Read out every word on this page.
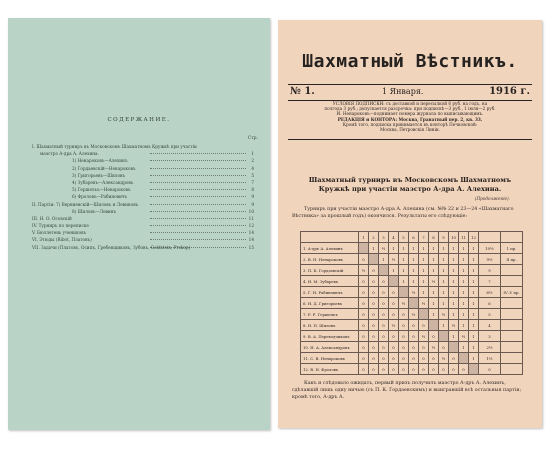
СОДЕРЖАНИЕ.
Стр.
I. Шахматный турниръ въ Московскомъ Шахматномъ Кружкѣ при участіи
маэстро А-дра А. Алехина.	1
1) Ненароковъ—Алехинъ	2
2) Гордаевскій—Ненароковъ	4
3) Григорьевъ—Шиловъ	5
4) Зубаревъ—Александровъ	7
5) Гершельъ—Ненароковъ	8
6) Фроловъ—Рабиновичъ	9
II. Партіи: 7) Верниевскій—Шиловъ и Левиновъ	9
8) Шиловъ—Левинъ	10
III. Н. О. Осовскій	11
IV. Турниръ по переписке	12
V. Бюллетень учениковъ	14
VI. Этюды (Ribot, Платовъ)	14
VII. Задачи (Платовъ, Осипъ, Гребенщиковъ, Зубовъ, Goldstein, Prokop)	15
Шахматный Вѣстникъ.
№ 1.	1 Января.	1916 г.
УСЛОВІЯ ПОДПИСКИ: съ доставкой и пересылкой 6 руб. на годъ, на
полгода 3 руб.; допускается разсрочка: при подпискѣ—3 руб., 1 іюля—2 руб.
И. Ненароковъ—поднимает номера журнала по выписывающимъ.
РЕДАКЦІЯ и КОНТОРА: Москва, Гранатный пер. 2, кв. 33.
Кромѣ того, подписка принимается въ конторѣ Печковской:
Москва, Петровскія Линіи.
Шахматный турниръ въ Московскомъ Шахматномъ
Кружкѣ при участіи маэстро А-дра А. Алехина.
(Продолженіе).
Турниръ при участіи маэстро А-дра А. Алехина (см. №№ 22 и 23—24 «Шахматнаго Вѣстника» за прошлый годъ) окончился. Результаты его слѣдующіе:
	1	2	3	4	5	6	7	8	9	10	11	12		
1. А-дръ А. Алехинъ		1	½	1	1	1	1	1	1	1	1	1	10½	1 пр.
2. В. Н. Ненароковъ	0		1	½	1	1	1	1	1	1	1	1	9½	II пр.
3. П. К. Гордаевскій	½	0		1	1	1	1	1	1	1	1	1	9	
4. Н. М. Зубаревъ	0	0	0		1	1	1	½	1	1	1	1	7	
5. Г. Н. Рабиновичъ	0	0	0	0		½	1	1	1	1	1	1	6½	IV–V пр.
6. Н. Д. Григорьевъ	0	0	0	0	½		½	1	1	1	1	1	6	
7. Р. Р. Гершельъ	0	0	0	0	0	½		1	½	1	1	1	5	
8. Н. П. Шиловъ	0	0	0	½	0	0	0		1	½	1	1	4	
9. В. А. Переводчиковъ	0	0	0	0	0	0	½	0		1	½	1	3	
10. Н. А. Александровъ	0	0	0	0	0	0	0	½	0		1	1	2½	
11. С. В. Ненароковъ	0	0	0	0	0	0	0	0	½	0		1	1½	
12. В. Н. Фроловъ	0	0	0	0	0	0	0	0	0	0	0		0	
Какъ и слѣдовало ожидать, первый призъ получилъ маэстро А-дръ А. Алехинъ, сдѣлавшій лишь одну ничью (съ П. К. Гордаевскимъ) и выигравшій всѣ остальныя партіи; кромѣ того, А-дръ А.
